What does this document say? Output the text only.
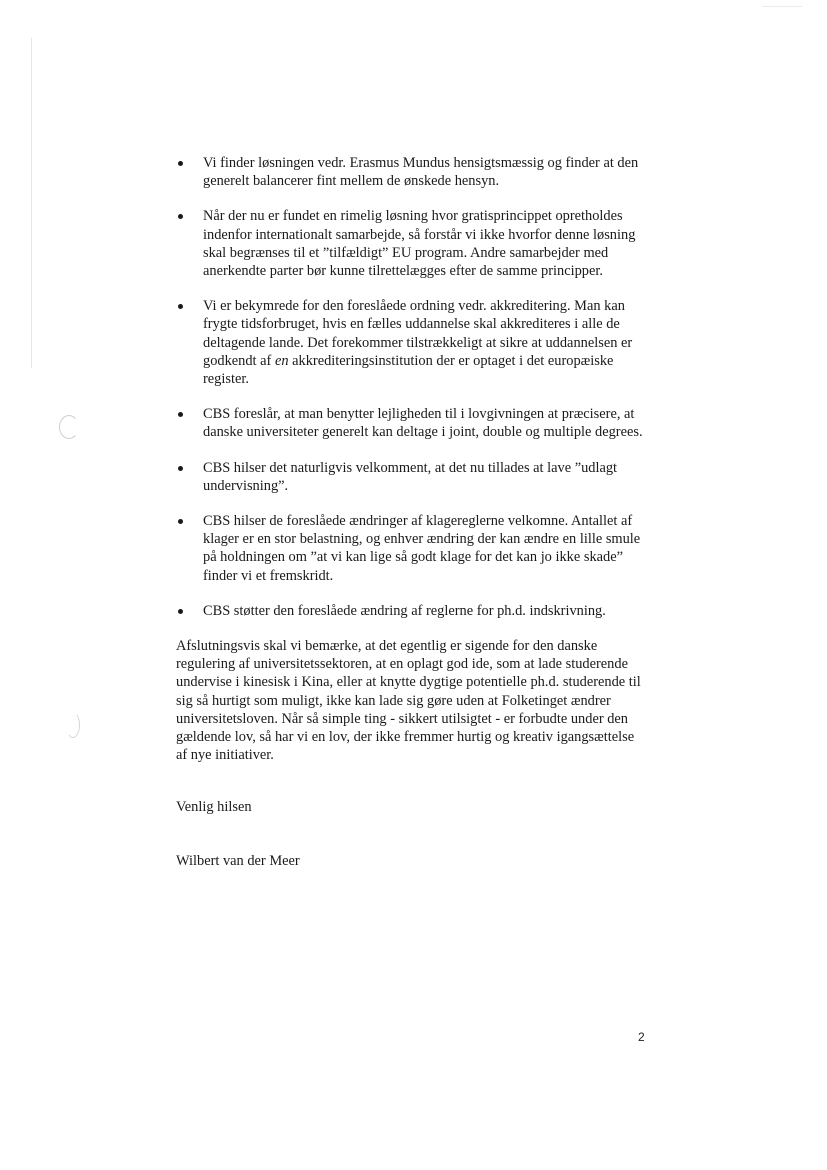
Vi finder løsningen vedr. Erasmus Mundus hensigtsmæssig og finder at den generelt balancerer fint mellem de ønskede hensyn.
Når der nu er fundet en rimelig løsning hvor gratisprincippet opretholdes indenfor internationalt samarbejde, så forstår vi ikke hvorfor denne løsning skal begrænses til et ”tilfældigt” EU program. Andre samarbejder med anerkendte parter bør kunne tilrettelægges efter de samme principper.
Vi er bekymrede for den foreslåede ordning vedr. akkreditering. Man kan frygte tidsforbruget, hvis en fælles uddannelse skal akkrediteres i alle de deltagende lande. Det forekommer tilstrækkeligt at sikre at uddannelsen er godkendt af en akkrediteringsinstitution der er optaget i det europæiske register.
CBS foreslår, at man benytter lejligheden til i lovgivningen at præcisere, at danske universiteter generelt kan deltage i joint, double og multiple degrees.
CBS hilser det naturligvis velkomment, at det nu tillades at lave ”udlagt undervisning”.
CBS hilser de foreslåede ændringer af klagereglerne velkomne. Antallet af klager er en stor belastning, og enhver ændring der kan ændre en lille smule på holdningen om ”at vi kan lige så godt klage for det kan jo ikke skade” finder vi et fremskridt.
CBS støtter den foreslåede ændring af reglerne for ph.d. indskrivning.

Afslutningsvis skal vi bemærke, at det egentlig er sigende for den danske regulering af universitetssektoren, at en oplagt god ide, som at lade studerende undervise i kinesisk i Kina, eller at knytte dygtige potentielle ph.d. studerende til sig så hurtigt som muligt, ikke kan lade sig gøre uden at Folketinget ændrer universitetsloven. Når så simple ting - sikkert utilsigtet - er forbudte under den gældende lov, så har vi en lov, der ikke fremmer hurtig og kreativ igangsættelse af nye initiativer.

Venlig hilsen

Wilbert van der Meer

2
